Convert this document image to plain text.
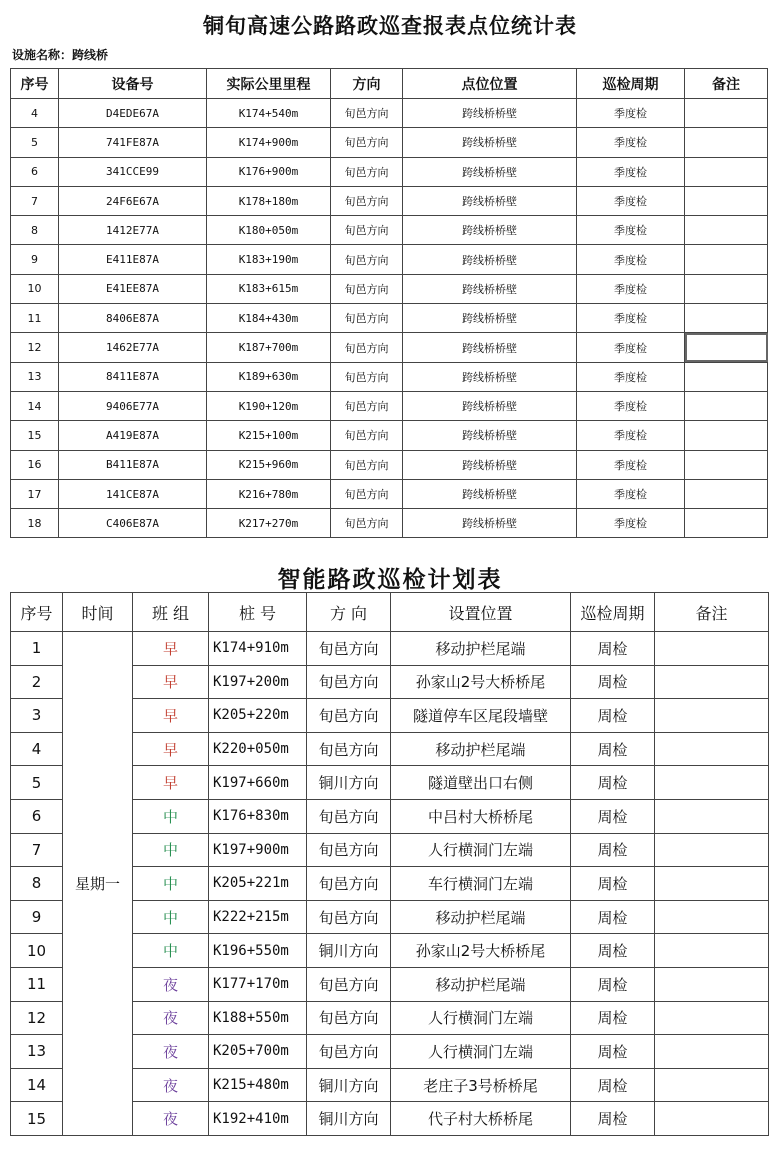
铜旬高速公路路政巡查报表点位统计表
设施名称：跨线桥
序号	设备号	实际公里里程	方向	点位位置	巡检周期	备注
4	D4EDE67A	K174+540m	旬邑方向	跨线桥桥壁	季度检	
5	741FE87A	K174+900m	旬邑方向	跨线桥桥壁	季度检	
6	341CCE99	K176+900m	旬邑方向	跨线桥桥壁	季度检	
7	24F6E67A	K178+180m	旬邑方向	跨线桥桥壁	季度检	
8	1412E77A	K180+050m	旬邑方向	跨线桥桥壁	季度检	
9	E411E87A	K183+190m	旬邑方向	跨线桥桥壁	季度检	
10	E41EE87A	K183+615m	旬邑方向	跨线桥桥壁	季度检	
11	8406E87A	K184+430m	旬邑方向	跨线桥桥壁	季度检	
12	1462E77A	K187+700m	旬邑方向	跨线桥桥壁	季度检	
13	8411E87A	K189+630m	旬邑方向	跨线桥桥壁	季度检	
14	9406E77A	K190+120m	旬邑方向	跨线桥桥壁	季度检	
15	A419E87A	K215+100m	旬邑方向	跨线桥桥壁	季度检	
16	B411E87A	K215+960m	旬邑方向	跨线桥桥壁	季度检	
17	141CE87A	K216+780m	旬邑方向	跨线桥桥壁	季度检	
18	C406E87A	K217+270m	旬邑方向	跨线桥桥壁	季度检	
智能路政巡检计划表
序号	时间	班 组	桩 号	方 向	设置位置	巡检周期	备注
1	星期一	早	K174+910m	旬邑方向	移动护栏尾端	周检	
2		早	K197+200m	旬邑方向	孙家山2号大桥桥尾	周检	
3		早	K205+220m	旬邑方向	隧道停车区尾段墙壁	周检	
4		早	K220+050m	旬邑方向	移动护栏尾端	周检	
5		早	K197+660m	铜川方向	隧道壁出口右侧	周检	
6		中	K176+830m	旬邑方向	中吕村大桥桥尾	周检	
7		中	K197+900m	旬邑方向	人行横洞门左端	周检	
8		中	K205+221m	旬邑方向	车行横洞门左端	周检	
9		中	K222+215m	旬邑方向	移动护栏尾端	周检	
10		中	K196+550m	铜川方向	孙家山2号大桥桥尾	周检	
11		夜	K177+170m	旬邑方向	移动护栏尾端	周检	
12		夜	K188+550m	旬邑方向	人行横洞门左端	周检	
13		夜	K205+700m	旬邑方向	人行横洞门左端	周检	
14		夜	K215+480m	铜川方向	老庄子3号桥桥尾	周检	
15		夜	K192+410m	铜川方向	代子村大桥桥尾	周检	
